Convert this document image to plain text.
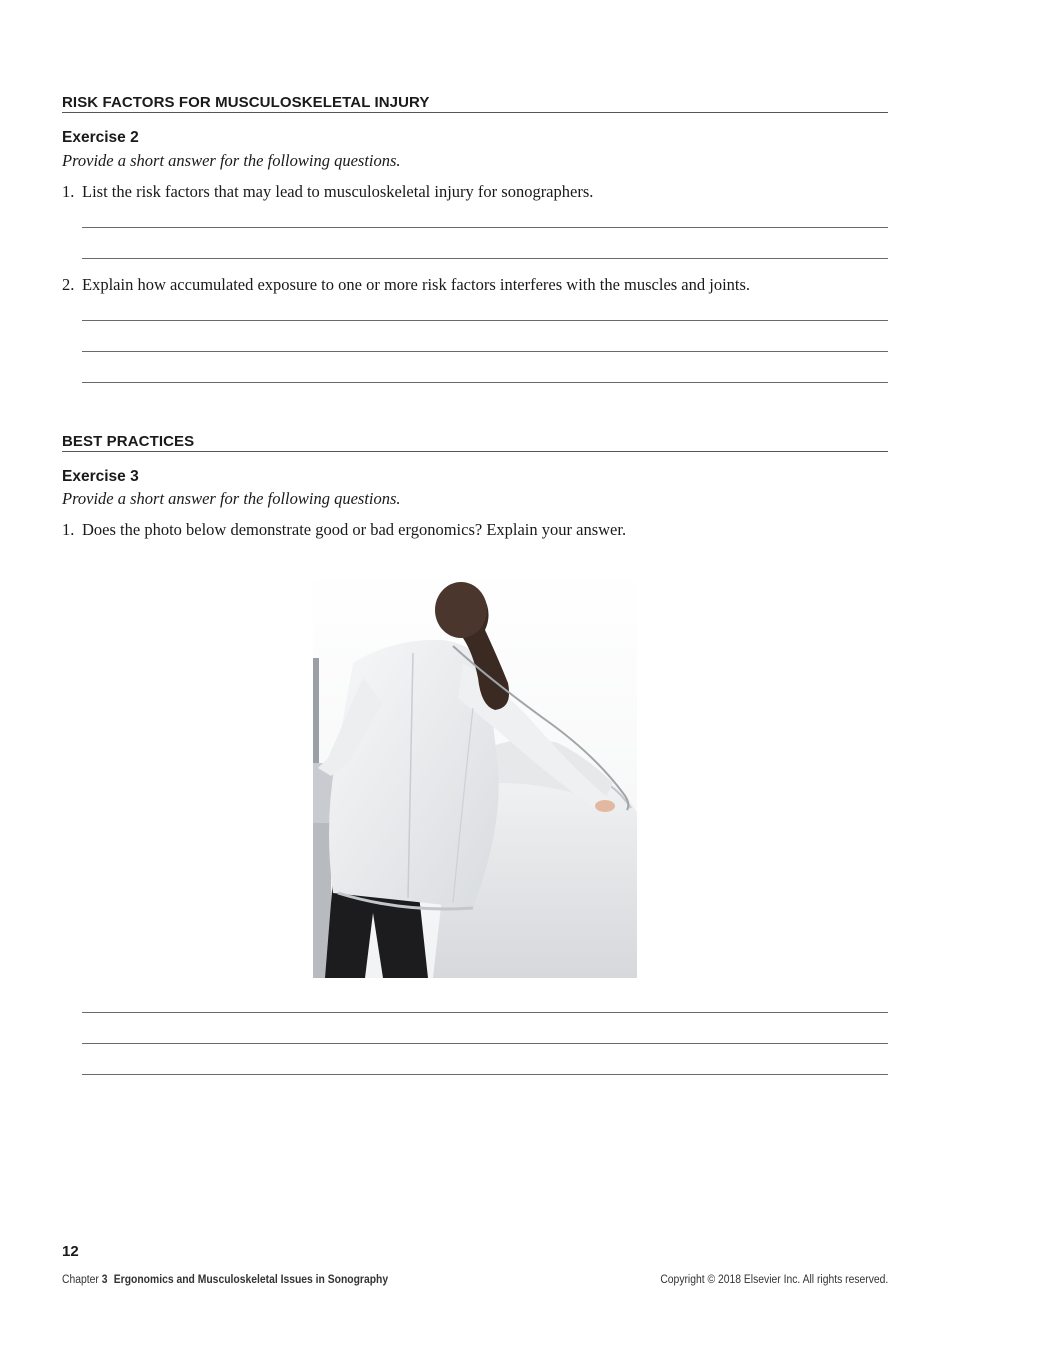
RISK FACTORS FOR MUSCULOSKELETAL INJURY
Exercise 2
Provide a short answer for the following questions.
1. List the risk factors that may lead to musculoskeletal injury for sonographers.
2. Explain how accumulated exposure to one or more risk factors interferes with the muscles and joints.
BEST PRACTICES
Exercise 3
Provide a short answer for the following questions.
1. Does the photo below demonstrate good or bad ergonomics? Explain your answer.
12
Chapter 3 Ergonomics and Musculoskeletal Issues in Sonography	Copyright © 2018 Elsevier Inc. All rights reserved.
